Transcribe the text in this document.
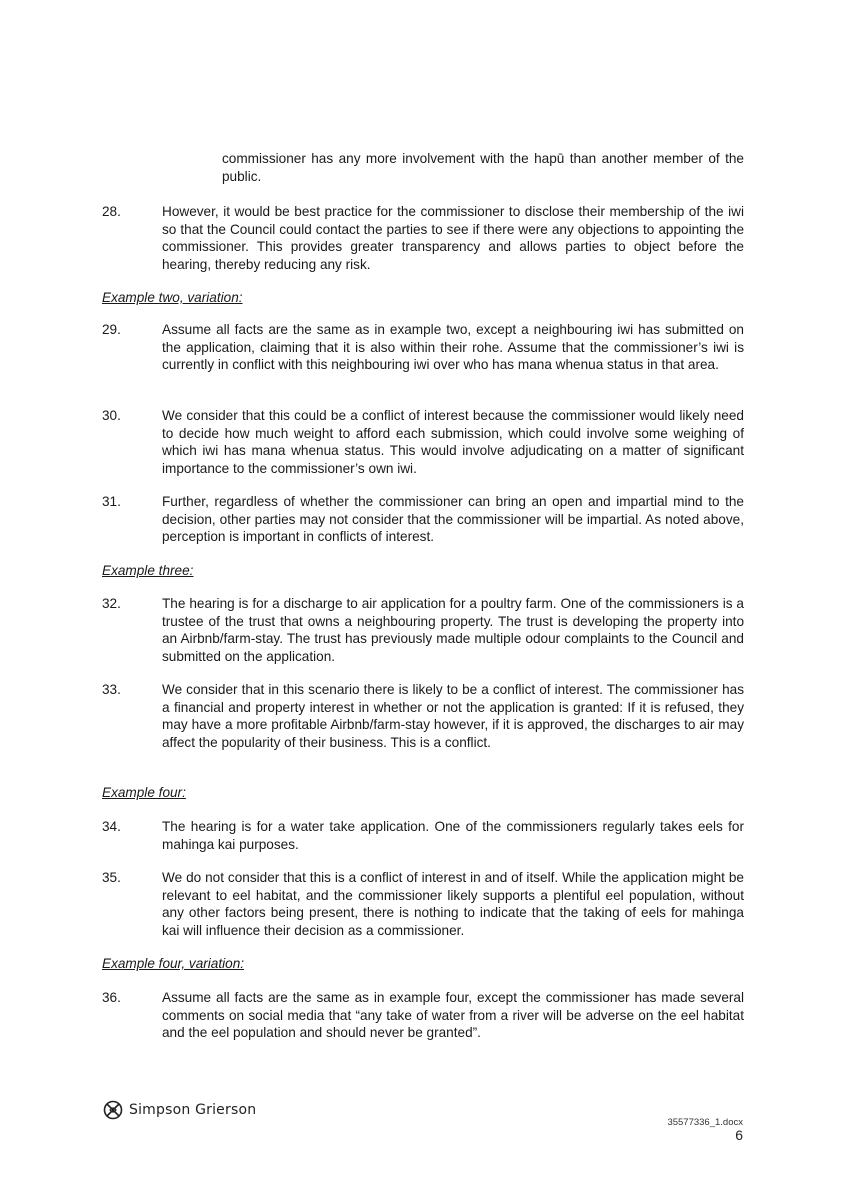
commissioner has any more involvement with the hapū than another member of the public.
28.	However, it would be best practice for the commissioner to disclose their membership of the iwi so that the Council could contact the parties to see if there were any objections to appointing the commissioner. This provides greater transparency and allows parties to object before the hearing, thereby reducing any risk.
Example two, variation:
29.	Assume all facts are the same as in example two, except a neighbouring iwi has submitted on the application, claiming that it is also within their rohe. Assume that the commissioner’s iwi is currently in conflict with this neighbouring iwi over who has mana whenua status in that area.
30.	We consider that this could be a conflict of interest because the commissioner would likely need to decide how much weight to afford each submission, which could involve some weighing of which iwi has mana whenua status. This would involve adjudicating on a matter of significant importance to the commissioner’s own iwi.
31.	Further, regardless of whether the commissioner can bring an open and impartial mind to the decision, other parties may not consider that the commissioner will be impartial. As noted above, perception is important in conflicts of interest.
Example three:
32.	The hearing is for a discharge to air application for a poultry farm. One of the commissioners is a trustee of the trust that owns a neighbouring property. The trust is developing the property into an Airbnb/farm-stay. The trust has previously made multiple odour complaints to the Council and submitted on the application.
33.	We consider that in this scenario there is likely to be a conflict of interest. The commissioner has a financial and property interest in whether or not the application is granted: If it is refused, they may have a more profitable Airbnb/farm-stay however, if it is approved, the discharges to air may affect the popularity of their business. This is a conflict.
Example four:
34.	The hearing is for a water take application. One of the commissioners regularly takes eels for mahinga kai purposes.
35.	We do not consider that this is a conflict of interest in and of itself. While the application might be relevant to eel habitat, and the commissioner likely supports a plentiful eel population, without any other factors being present, there is nothing to indicate that the taking of eels for mahinga kai will influence their decision as a commissioner.
Example four, variation:
36.	Assume all facts are the same as in example four, except the commissioner has made several comments on social media that “any take of water from a river will be adverse on the eel habitat and the eel population and should never be granted”.
Simpson Grierson
35577336_1.docx
6
